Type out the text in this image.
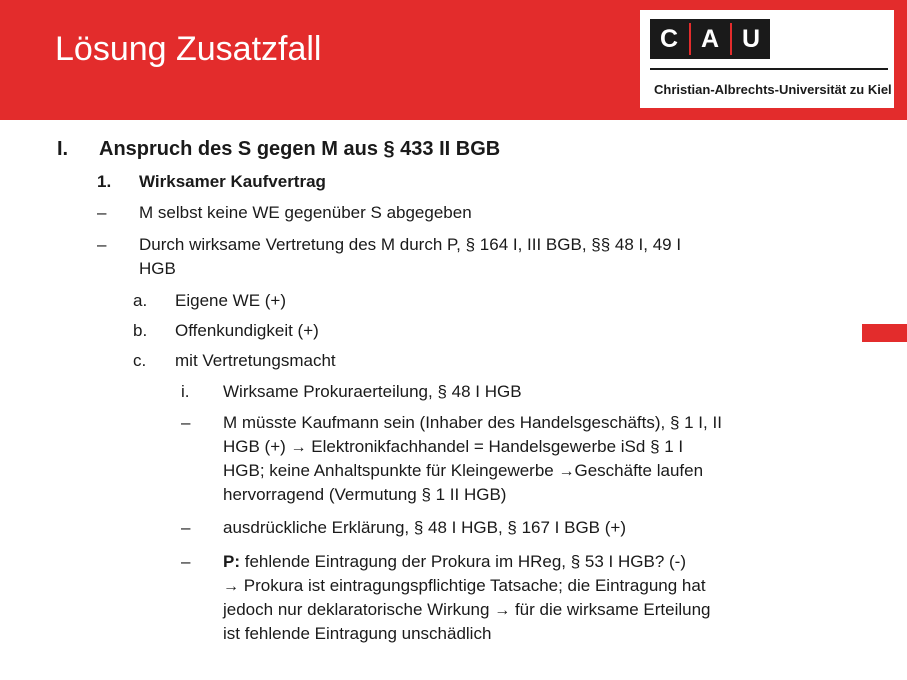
Lösung Zusatzfall	C A U
Christian-Albrechts-Universität zu Kiel
I. Anspruch des S gegen M aus § 433 II BGB
1. Wirksamer Kaufvertrag
– M selbst keine WE gegenüber S abgegeben
– Durch wirksame Vertretung des M durch P, § 164 I, III BGB, §§ 48 I, 49 I
HGB
a. Eigene WE (+)
b. Offenkundigkeit (+)
c. mit Vertretungsmacht
i. Wirksame Prokuraerteilung, § 48 I HGB
– M müsste Kaufmann sein (Inhaber des Handelsgeschäfts), § 1 I, II
HGB (+) → Elektronikfachhandel = Handelsgewerbe iSd § 1 I
HGB; keine Anhaltspunkte für Kleingewerbe →Geschäfte laufen
hervorragend (Vermutung § 1 II HGB)
– ausdrückliche Erklärung, § 48 I HGB, § 167 I BGB (+)
– P: fehlende Eintragung der Prokura im HReg, § 53 I HGB? (-)
→ Prokura ist eintragungspflichtige Tatsache; die Eintragung hat
jedoch nur deklaratorische Wirkung → für die wirksame Erteilung
ist fehlende Eintragung unschädlich
